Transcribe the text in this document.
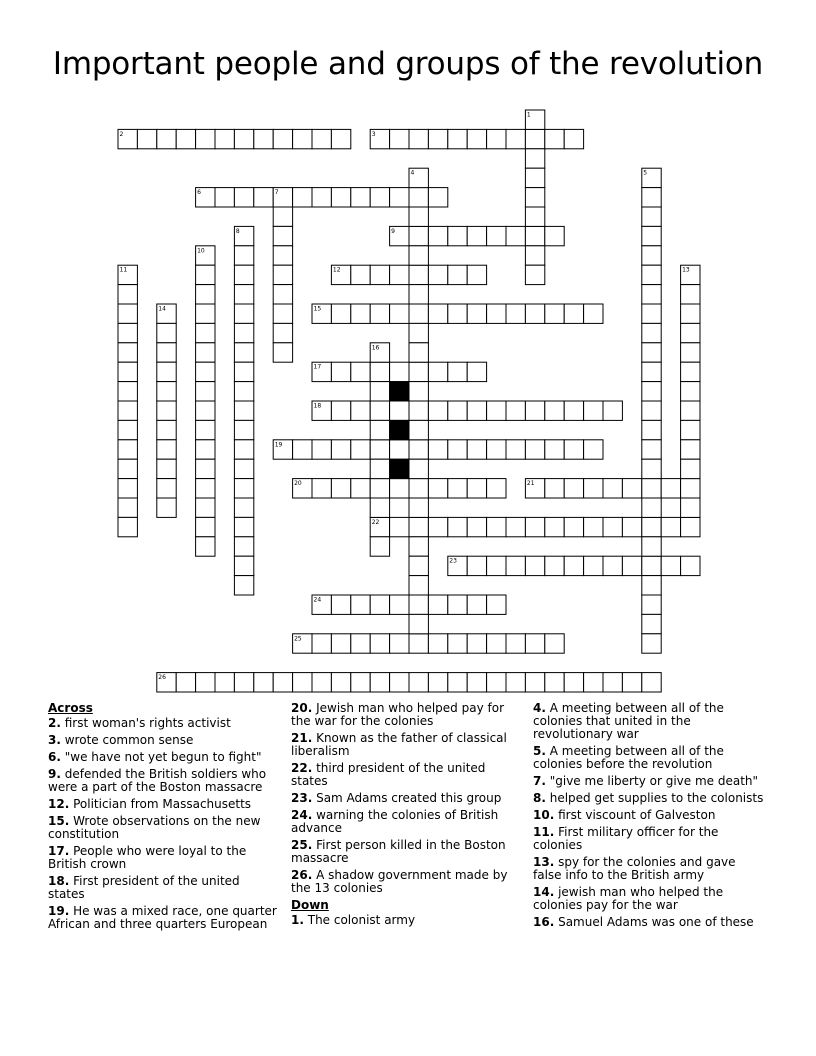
Important people and groups of the revolution
2	3
6
9
12
15
17
18
19
20	21
22
23
24
25
26
1
4	5
7
8
10
11	13
14
16
Across
2. first woman's rights activist
3. wrote common sense
6. "we have not yet begun to fight"
9. defended the British soldiers who were a part of the Boston massacre
12. Politician from Massachusetts
15. Wrote observations on the new constitution
17. People who were loyal to the British crown
18. First president of the united states
19. He was a mixed race, one quarter African and three quarters European
20. Jewish man who helped pay for the war for the colonies
21. Known as the father of classical liberalism
22. third president of the united states
23. Sam Adams created this group
24. warning the colonies of British advance
25. First person killed in the Boston massacre
26. A shadow government made by the 13 colonies
Down
1. The colonist army
4. A meeting between all of the colonies that united in the revolutionary war
5. A meeting between all of the colonies before the revolution
7. "give me liberty or give me death"
8. helped get supplies to the colonists
10. first viscount of Galveston
11. First military officer for the colonies
13. spy for the colonies and gave false info to the British army
14. jewish man who helped the colonies pay for the war
16. Samuel Adams was one of these
